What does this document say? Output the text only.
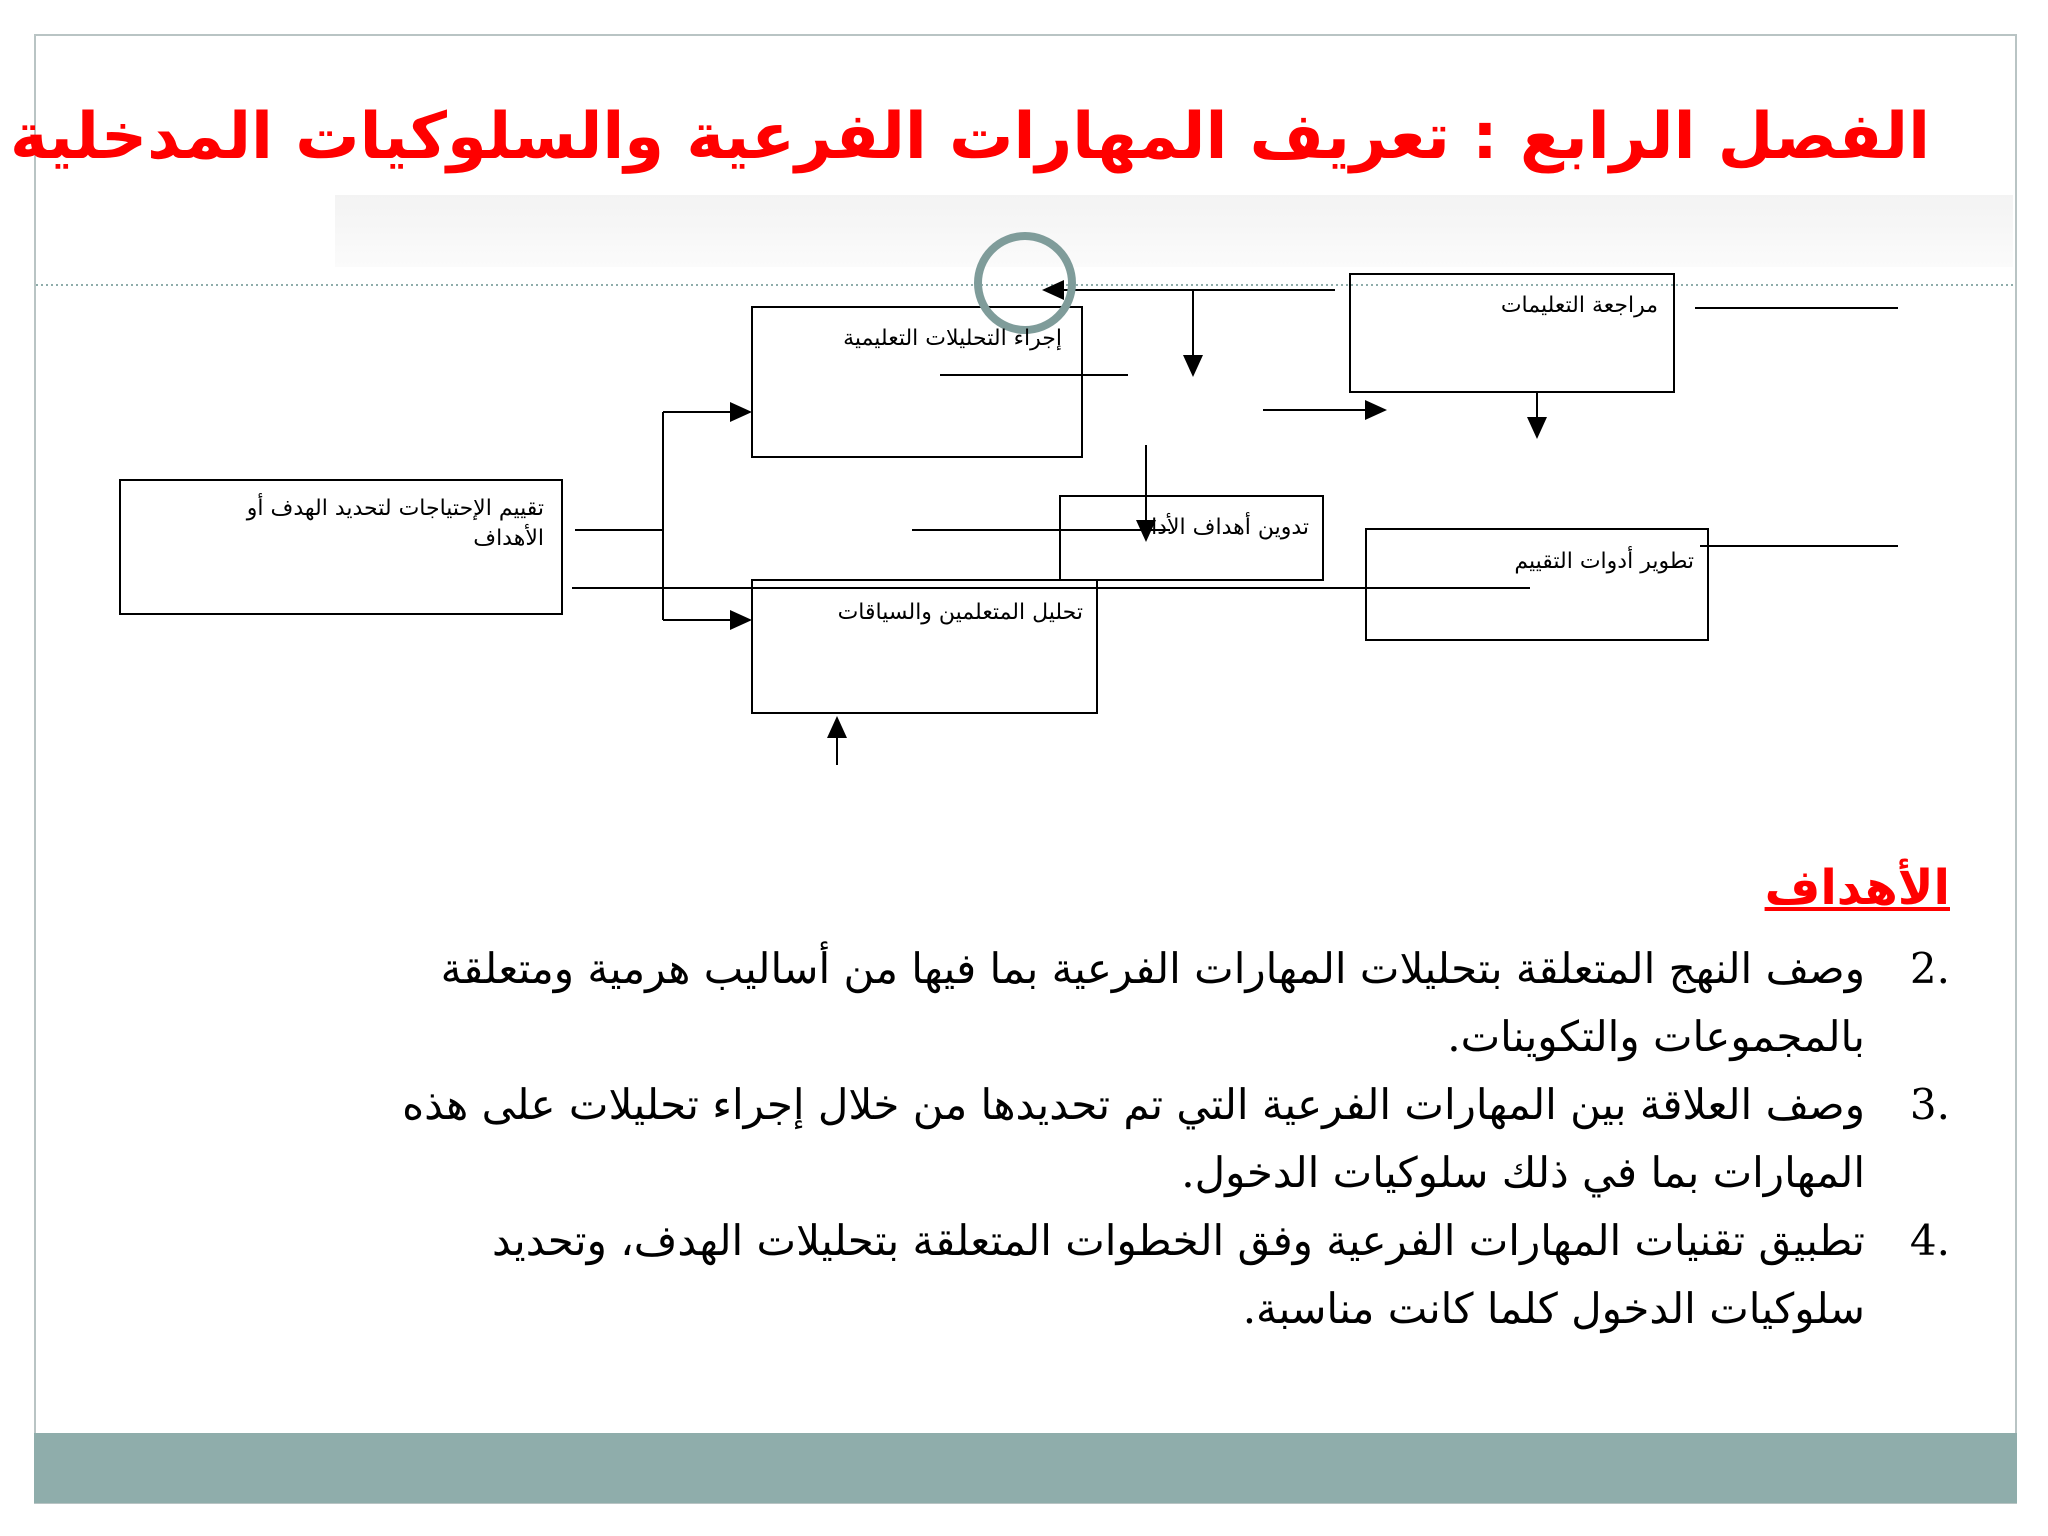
الفصل الرابع : تعريف المهارات الفرعية والسلوكيات المدخلية
تقييم الإحتياجات لتحديد الهدف أو الأهداف
إجراء التحليلات التعليمية
تحليل المتعلمين والسياقات
تدوين أهداف الأداء
تطوير أدوات التقييم
مراجعة التعليمات
الأهداف
2.
وصف النهج المتعلقة بتحليلات المهارات الفرعية بما فيها من أساليب هرمية ومتعلقة بالمجموعات والتكوينات.
3.
وصف العلاقة بين المهارات الفرعية التي تم تحديدها من خلال إجراء تحليلات على هذه المهارات بما في ذلك سلوكيات الدخول.
4.
تطبيق تقنيات المهارات الفرعية وفق الخطوات المتعلقة بتحليلات الهدف، وتحديد سلوكيات الدخول كلما كانت مناسبة.
